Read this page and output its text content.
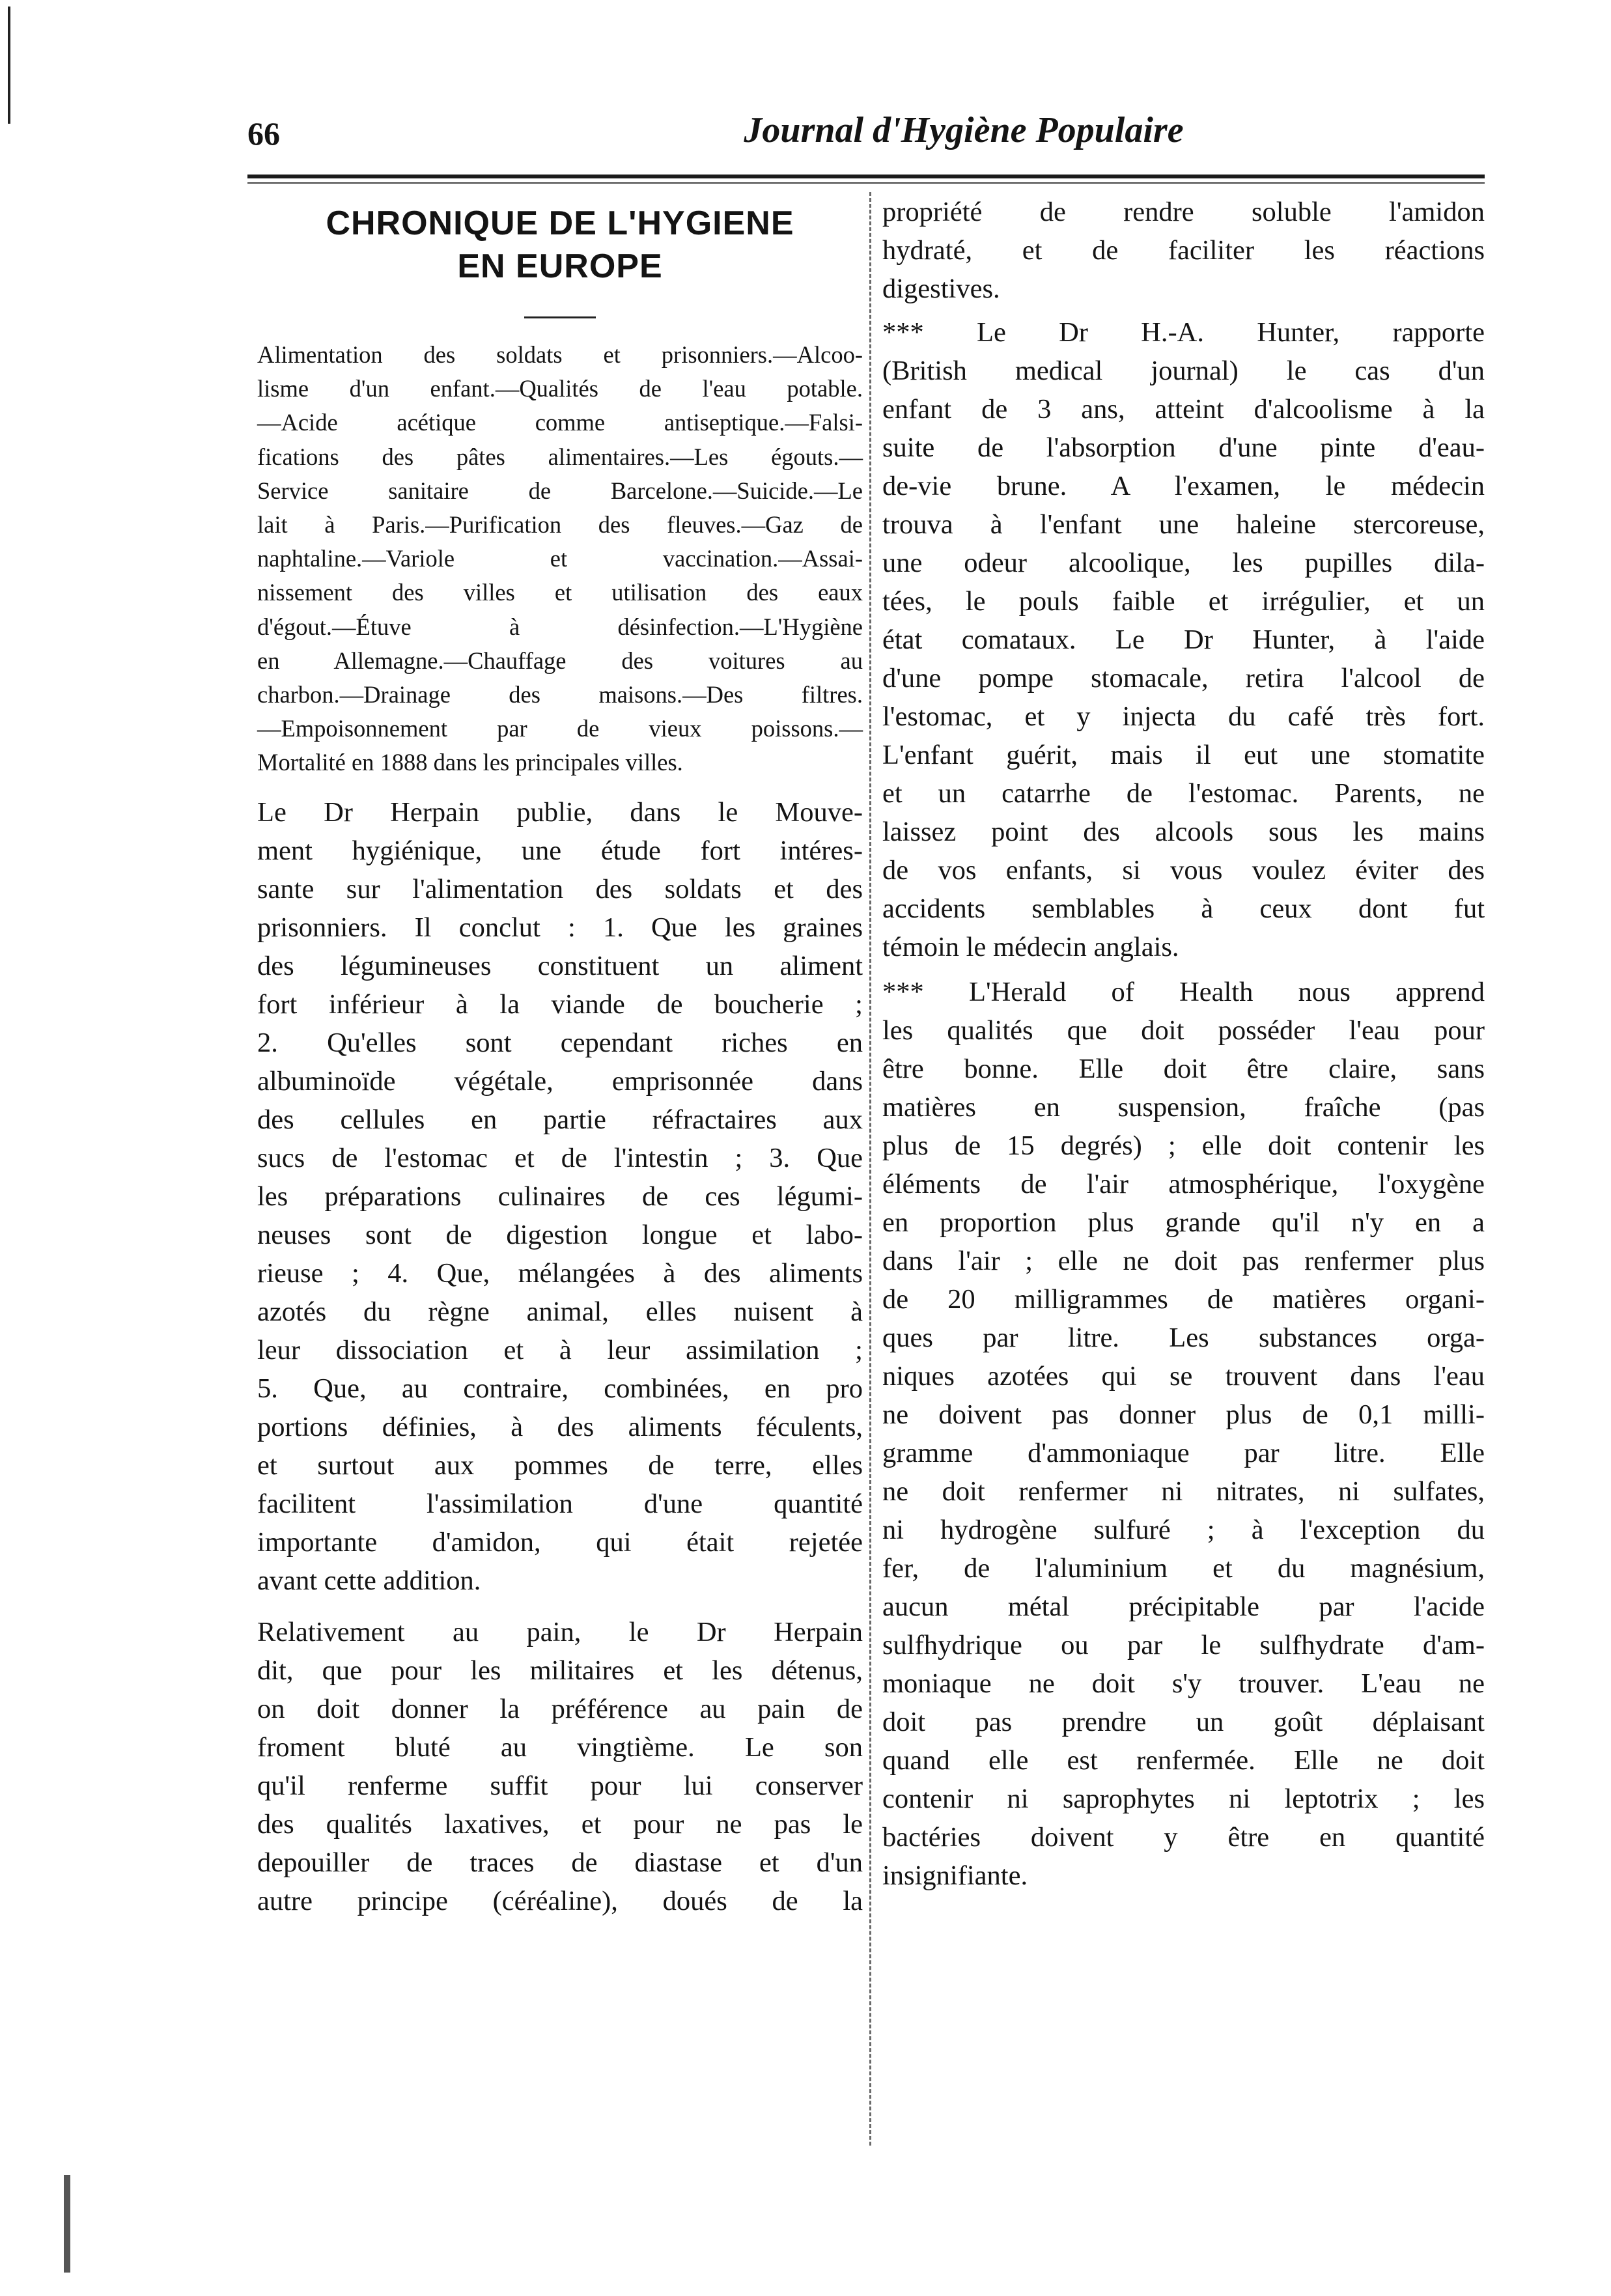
66	Journal d'Hygiène Populaire
CHRONIQUE DE L'HYGIENE
EN EUROPE
Alimentation des soldats et prisonniers.—Alcoo-
lisme d'un enfant.—Qualités de l'eau potable.
—Acide acétique comme antiseptique.—Falsi-
fications des pâtes alimentaires.—Les égouts.—
Service sanitaire de Barcelone.—Suicide.—Le
lait à Paris.—Purification des fleuves.—Gaz de
naphtaline.—Variole et vaccination.—Assai-
nissement des villes et utilisation des eaux
d'égout.—Étuve à désinfection.—L'Hygiène
en Allemagne.—Chauffage des voitures au
charbon.—Drainage des maisons.—Des filtres.
—Empoisonnement par de vieux poissons.—
Mortalité en 1888 dans les principales villes.
Le Dr Herpain publie, dans le Mouve-
ment hygiénique, une étude fort intéres-
sante sur l'alimentation des soldats et des
prisonniers. Il conclut : 1. Que les graines
des légumineuses constituent un aliment
fort inférieur à la viande de boucherie ;
2. Qu'elles sont cependant riches en
albuminoïde végétale, emprisonnée dans
des cellules en partie réfractaires aux
sucs de l'estomac et de l'intestin ; 3. Que
les préparations culinaires de ces légumi-
neuses sont de digestion longue et labo-
rieuse ; 4. Que, mélangées à des aliments
azotés du règne animal, elles nuisent à
leur dissociation et à leur assimilation ;
5. Que, au contraire, combinées, en pro
portions définies, à des aliments féculents,
et surtout aux pommes de terre, elles
facilitent l'assimilation d'une quantité
importante d'amidon, qui était rejetée
avant cette addition.
Relativement au pain, le Dr Herpain
dit, que pour les militaires et les détenus,
on doit donner la préférence au pain de
froment bluté au vingtième. Le son
qu'il renferme suffit pour lui conserver
des qualités laxatives, et pour ne pas le
depouiller de traces de diastase et d'un
autre principe (céréaline), doués de la
propriété de rendre soluble l'amidon
hydraté, et de faciliter les réactions
digestives.
*** Le Dr H.-A. Hunter, rapporte
(British medical journal) le cas d'un
enfant de 3 ans, atteint d'alcoolisme à la
suite de l'absorption d'une pinte d'eau-
de-vie brune. A l'examen, le médecin
trouva à l'enfant une haleine stercoreuse,
une odeur alcoolique, les pupilles dila-
tées, le pouls faible et irrégulier, et un
état comataux. Le Dr Hunter, à l'aide
d'une pompe stomacale, retira l'alcool de
l'estomac, et y injecta du café très fort.
L'enfant guérit, mais il eut une stomatite
et un catarrhe de l'estomac. Parents, ne
laissez point des alcools sous les mains
de vos enfants, si vous voulez éviter des
accidents semblables à ceux dont fut
témoin le médecin anglais.
*** L'Herald of Health nous apprend
les qualités que doit posséder l'eau pour
être bonne. Elle doit être claire, sans
matières en suspension, fraîche (pas
plus de 15 degrés) ; elle doit contenir les
éléments de l'air atmosphérique, l'oxygène
en proportion plus grande qu'il n'y en a
dans l'air ; elle ne doit pas renfermer plus
de 20 milligrammes de matières organi-
ques par litre. Les substances orga-
niques azotées qui se trouvent dans l'eau
ne doivent pas donner plus de 0,1 milli-
gramme d'ammoniaque par litre. Elle
ne doit renfermer ni nitrates, ni sulfates,
ni hydrogène sulfuré ; à l'exception du
fer, de l'aluminium et du magnésium,
aucun métal précipitable par l'acide
sulfhydrique ou par le sulfhydrate d'am-
moniaque ne doit s'y trouver. L'eau ne
doit pas prendre un goût déplaisant
quand elle est renfermée. Elle ne doit
contenir ni saprophytes ni leptotrix ; les
bactéries doivent y être en quantité
insignifiante.
